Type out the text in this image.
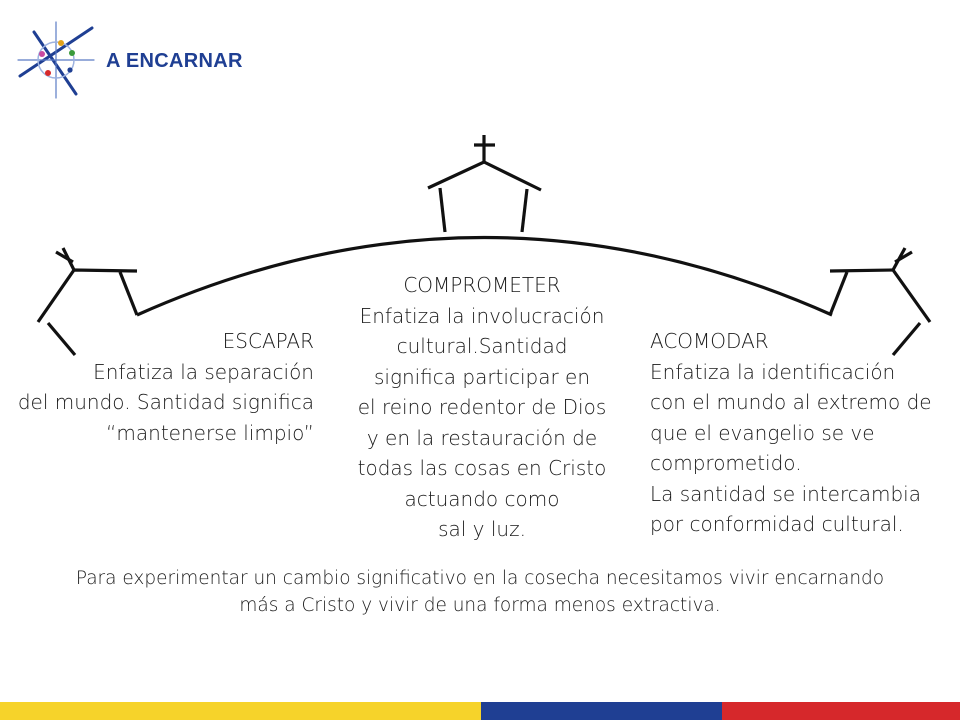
A ENCARNAR

ESCAPAR

Enfatiza la separación

del mundo. Santidad significa

“mantenerse limpio”

COMPROMETER

Enfatiza la involucración

cultural.Santidad

significa participar en

el reino redentor de Dios

y en la restauración de

todas las cosas en Cristo

actuando como

sal y luz.

ACOMODAR

Enfatiza la identificación

con el mundo al extremo de

que el evangelio se ve

comprometido.

La santidad se intercambia

por conformidad cultural.

Para experimentar un cambio significativo en la cosecha necesitamos vivir encarnando

más a Cristo y vivir de una forma menos extractiva.
